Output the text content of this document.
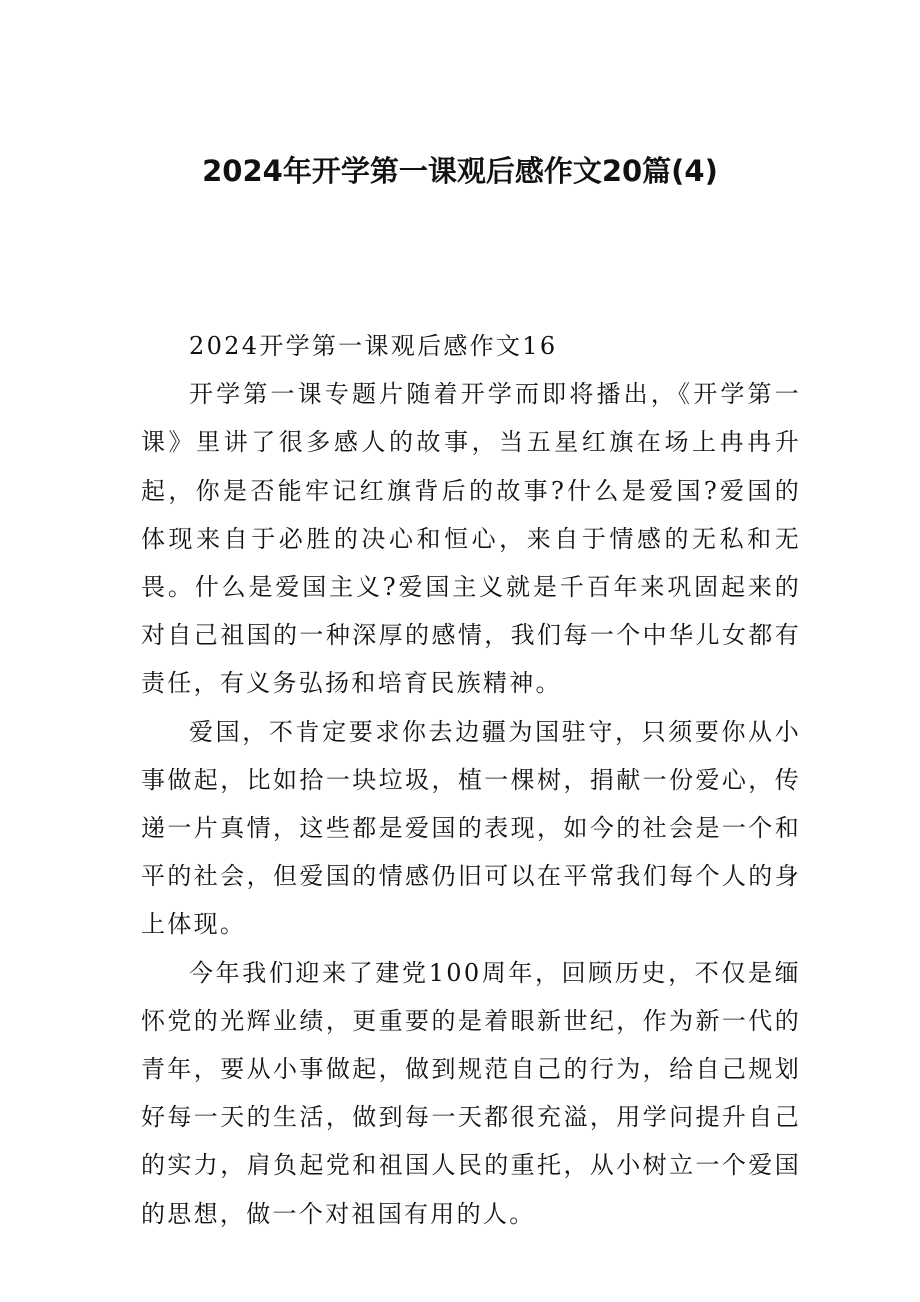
2024年开学第一课观后感作文20篇(4)

2024开学第一课观后感作文16

开学第一课专题片随着开学而即将播出，《开学第一课》里讲了很多感人的故事，当五星红旗在场上冉冉升起，你是否能牢记红旗背后的故事?什么是爱国?爱国的体现来自于必胜的决心和恒心，来自于情感的无私和无畏。什么是爱国主义?爱国主义就是千百年来巩固起来的对自己祖国的一种深厚的感情，我们每一个中华儿女都有责任，有义务弘扬和培育民族精神。

爱国，不肯定要求你去边疆为国驻守，只须要你从小事做起，比如拾一块垃圾，植一棵树，捐献一份爱心，传递一片真情，这些都是爱国的表现，如今的社会是一个和平的社会，但爱国的情感仍旧可以在平常我们每个人的身上体现。

今年我们迎来了建党100周年，回顾历史，不仅是缅怀党的光辉业绩，更重要的是着眼新世纪，作为新一代的青年，要从小事做起，做到规范自己的行为，给自己规划好每一天的生活，做到每一天都很充溢，用学问提升自己的实力，肩负起党和祖国人民的重托，从小树立一个爱国的思想，做一个对祖国有用的人。
